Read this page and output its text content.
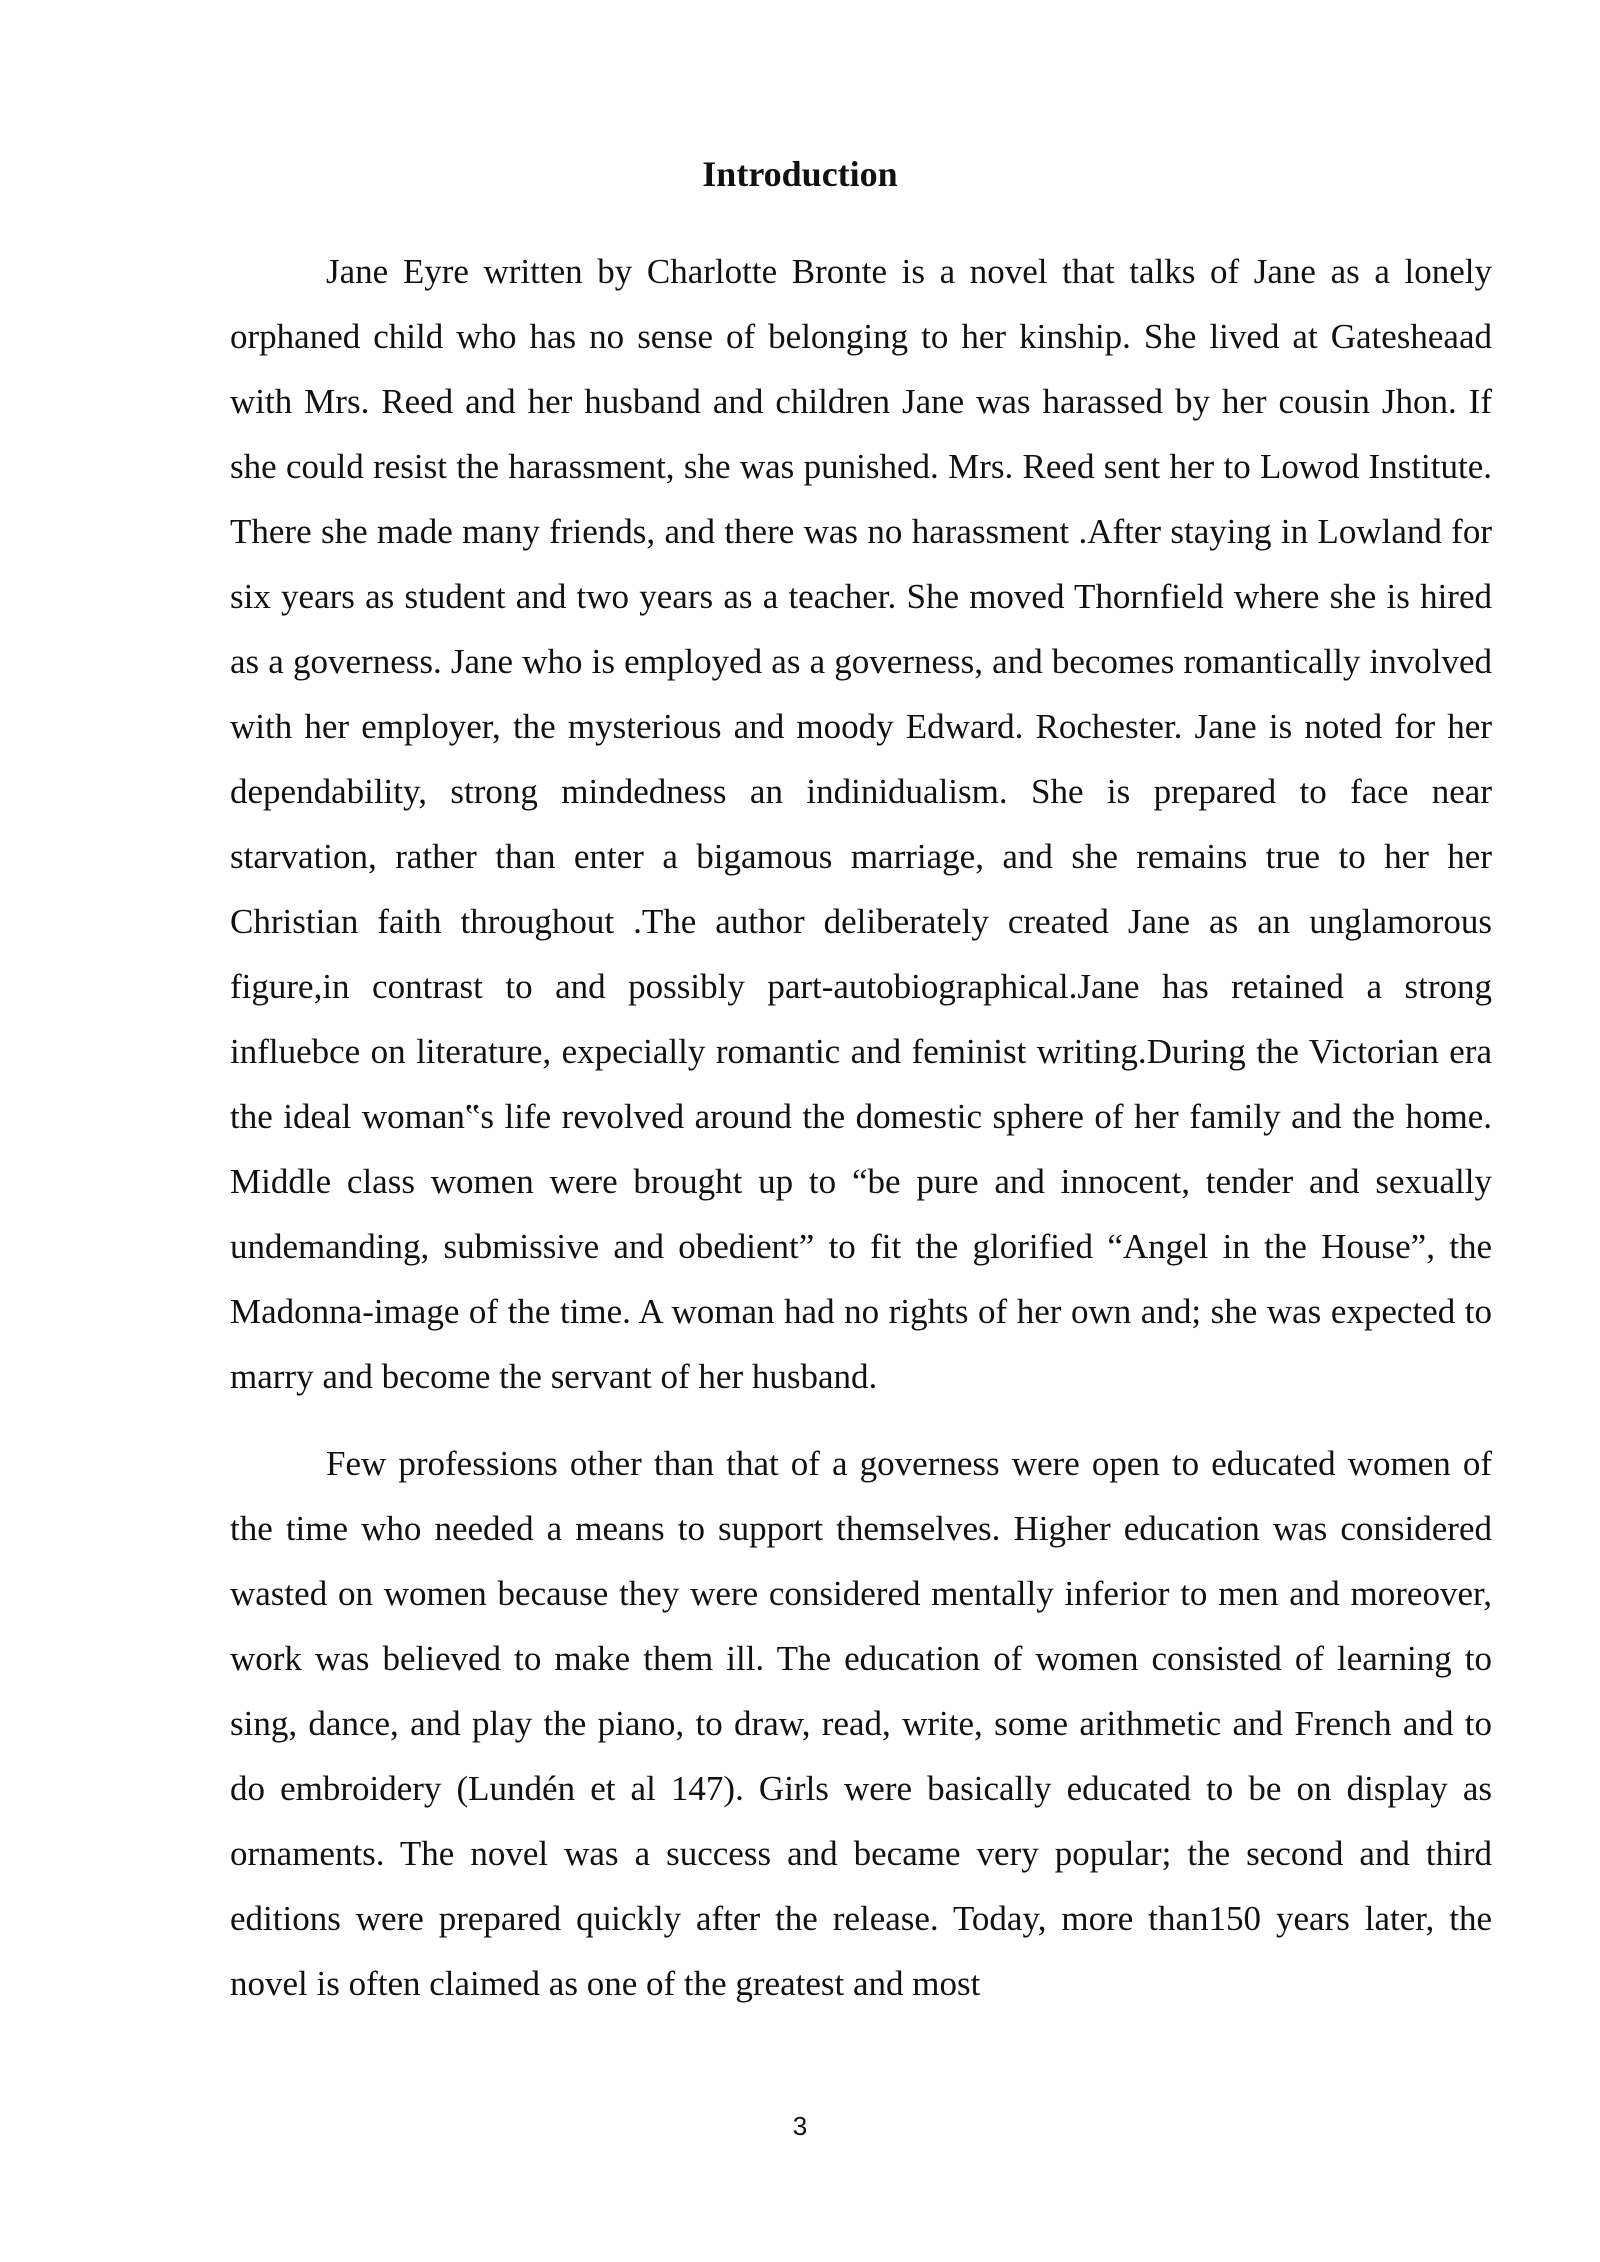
Introduction

Jane Eyre written by Charlotte Bronte is a novel that talks of Jane as a lonely orphaned child who has no sense of belonging to her kinship. She lived at Gatesheaad with Mrs. Reed and her husband and children Jane was harassed by her cousin Jhon. If she could resist the harassment, she was punished. Mrs. Reed sent her to Lowod Institute. There she made many friends, and there was no harassment .After staying in Lowland for six years as student and two years as a teacher. She moved Thornfield where she is hired as a governess. Jane who is employed as a governess, and becomes romantically involved with her employer, the mysterious and moody Edward. Rochester. Jane is noted for her dependability, strong mindedness an indinidualism. She is prepared to face near starvation, rather than enter a bigamous marriage, and she remains true to her her Christian faith throughout .The author deliberately created Jane as an unglamorous figure,in contrast to and possibly part-autobiographical.Jane has retained a strong influebce on literature, expecially romantic and feminist writing.During the Victorian era the ideal woman‟s life revolved around the domestic sphere of her family and the home. Middle class women were brought up to “be pure and innocent, tender and sexually undemanding, submissive and obedient” to fit the glorified “Angel in the House”, the Madonna-image of the time. A woman had no rights of her own and; she was expected to marry and become the servant of her husband.

Few professions other than that of a governess were open to educated women of the time who needed a means to support themselves. Higher education was considered wasted on women because they were considered mentally inferior to men and moreover, work was believed to make them ill. The education of women consisted of learning to sing, dance, and play the piano, to draw, read, write, some arithmetic and French and to do embroidery (Lundén et al 147). Girls were basically educated to be on display as ornaments. The novel was a success and became very popular; the second and third editions were prepared quickly after the release. Today, more than150 years later, the novel is often claimed as one of the greatest and most

3
